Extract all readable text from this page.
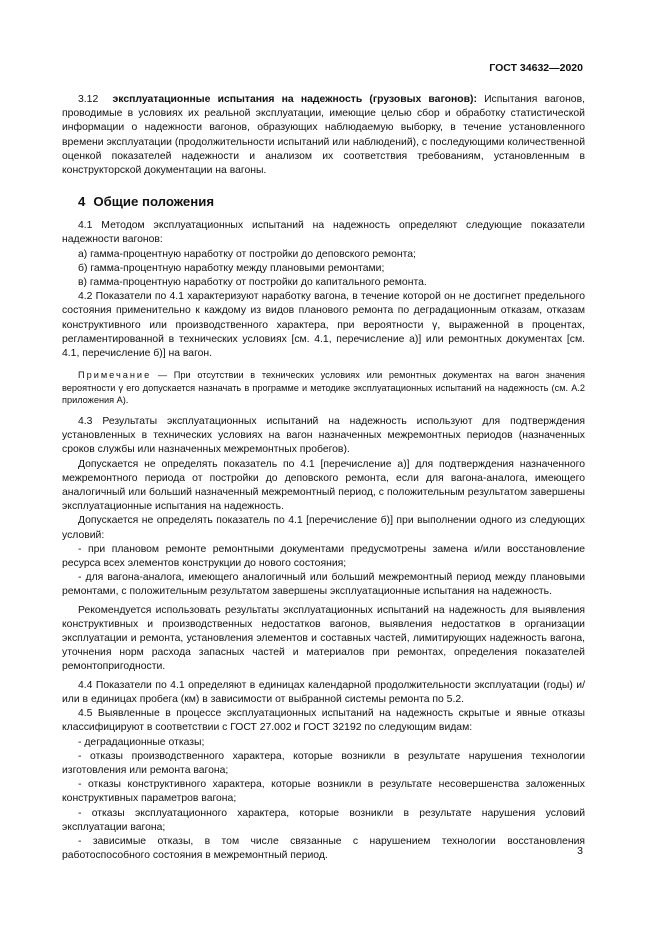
ГОСТ 34632—2020

3.12 эксплуатационные испытания на надежность (грузовых вагонов): Испытания вагонов, проводимые в условиях их реальной эксплуатации, имеющие целью сбор и обработку статистической информации о надежности вагонов, образующих наблюдаемую выборку, в течение установленного времени эксплуатации (продолжительности испытаний или наблюдений), с последующими количественной оценкой показателей надежности и анализом их соответствия требованиям, установленным в конструкторской документации на вагоны.

4 Общие положения

4.1 Методом эксплуатационных испытаний на надежность определяют следующие показатели надежности вагонов:

а) гамма-процентную наработку от постройки до деповского ремонта;

б) гамма-процентную наработку между плановыми ремонтами;

в) гамма-процентную наработку от постройки до капитального ремонта.

4.2 Показатели по 4.1 характеризуют наработку вагона, в течение которой он не достигнет предельного состояния применительно к каждому из видов планового ремонта по деградационным отказам, отказам конструктивного или производственного характера, при вероятности γ, выраженной в процентах, регламентированной в технических условиях [см. 4.1, перечисление а)] или ремонтных документах [см. 4.1, перечисление б)] на вагон.

Примечание — При отсутствии в технических условиях или ремонтных документах на вагон значения вероятности γ его допускается назначать в программе и методике эксплуатационных испытаний на надежность (см. А.2 приложения А).

4.3 Результаты эксплуатационных испытаний на надежность используют для подтверждения установленных в технических условиях на вагон назначенных межремонтных периодов (назначенных сроков службы или назначенных межремонтных пробегов).

Допускается не определять показатель по 4.1 [перечисление а)] для подтверждения назначенного межремонтного периода от постройки до деповского ремонта, если для вагона-аналога, имеющего аналогичный или больший назначенный межремонтный период, с положительным результатом завершены эксплуатационные испытания на надежность.

Допускается не определять показатель по 4.1 [перечисление б)] при выполнении одного из следующих условий:

- при плановом ремонте ремонтными документами предусмотрены замена и/или восстановление ресурса всех элементов конструкции до нового состояния;

- для вагона-аналога, имеющего аналогичный или больший межремонтный период между плановыми ремонтами, с положительным результатом завершены эксплуатационные испытания на надежность.

Рекомендуется использовать результаты эксплуатационных испытаний на надежность для выявления конструктивных и производственных недостатков вагонов, выявления недостатков в организации эксплуатации и ремонта, установления элементов и составных частей, лимитирующих надежность вагона, уточнения норм расхода запасных частей и материалов при ремонтах, определения показателей ремонтопригодности.

4.4 Показатели по 4.1 определяют в единицах календарной продолжительности эксплуатации (годы) и/или в единицах пробега (км) в зависимости от выбранной системы ремонта по 5.2.

4.5 Выявленные в процессе эксплуатационных испытаний на надежность скрытые и явные отказы классифицируют в соответствии с ГОСТ 27.002 и ГОСТ 32192 по следующим видам:

- деградационные отказы;

- отказы производственного характера, которые возникли в результате нарушения технологии изготовления или ремонта вагона;

- отказы конструктивного характера, которые возникли в результате несовершенства заложенных конструктивных параметров вагона;

- отказы эксплуатационного характера, которые возникли в результате нарушения условий эксплуатации вагона;

- зависимые отказы, в том числе связанные с нарушением технологии восстановления работоспособного состояния в межремонтный период.	3
